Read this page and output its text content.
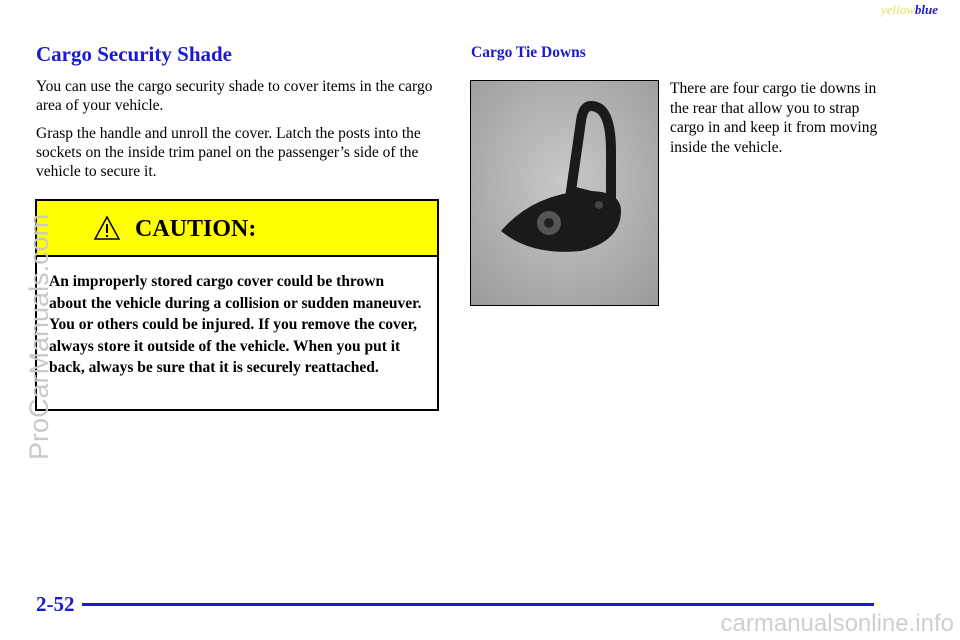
yellowblue
Cargo Security Shade

You can use the cargo security shade to cover items in the cargo area of your vehicle.

Grasp the handle and unroll the cover. Latch the posts into the sockets on the inside trim panel on the passenger’s side of the vehicle to secure it.

CAUTION:

An improperly stored cargo cover could be thrown about the vehicle during a collision or sudden maneuver. You or others could be injured. If you remove the cover, always store it outside of the vehicle. When you put it back, always be sure that it is securely reattached.

Cargo Tie Downs

There are four cargo tie downs in the rear that allow you to strap cargo in and keep it from moving inside the vehicle.

2-52
ProCarManuals.com
carmanualsonline.info
